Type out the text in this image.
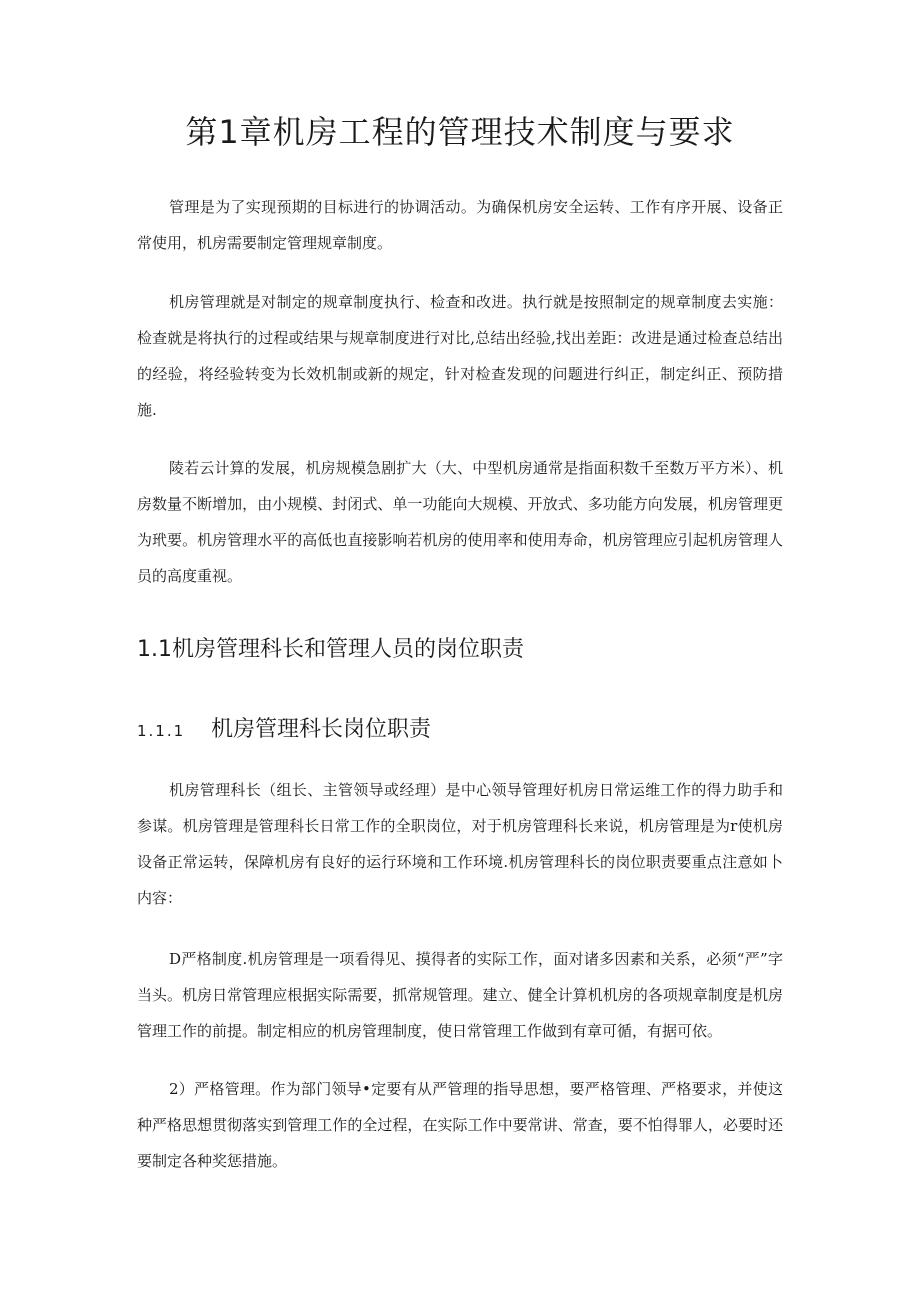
第1章机房工程的管理技术制度与要求

管理是为了实现预期的目标进行的协调活动。为确保机房安全运转、工作有序开展、设备正常使用，机房需要制定管理规章制度。

机房管理就是对制定的规章制度执行、检查和改进。执行就是按照制定的规章制度去实施：检查就是将执行的过程或结果与规章制度进行对比,总结出经验,找出差距：改进是通过检查总结出的经验，将经验转变为长效机制或新的规定，针对检查发现的问题进行纠正，制定纠正、预防措施.

陵若云计算的发展，机房规模急剧扩大（大、中型机房通常是指面积数千至数万平方米）、机房数量不断增加，由小规模、封闭式、单一功能向大规模、开放式、多功能方向发展，机房管理更为玳要。机房管理水平的高低也直接影响若机房的使用率和使用寿命，机房管理应引起机房管理人员的高度重视。

1.1机房管理科长和管理人员的岗位职责
1.1.1 机房管理科长岗位职责

机房管理科长（组长、主管领导或经理）是中心领导管理好机房日常运维工作的得力助手和参谋。机房管理是管理科长日常工作的全职岗位，对于机房管理科长来说，机房管理是为r使机房设备正常运转，保障机房有良好的运行环境和工作环境.机房管理科长的岗位职责要重点注意如卜内容：

D严格制度.机房管理是一项看得见、摸得者的实际工作，面对诸多因素和关系，必须“严”字当头。机房日常管理应根据实际需要，抓常规管理。建立、健全计算机机房的各项规章制度是机房管理工作的前提。制定相应的机房管理制度，使日常管理工作做到有章可循，有据可依。

2）严格管理。作为部门领导•定要有从严管理的指导思想，要严格管理、严格要求，并使这种严格思想贯彻落实到管理工作的全过程，在实际工作中要常讲、常查，要不怕得罪人，必要时还要制定各种奖惩措施。
